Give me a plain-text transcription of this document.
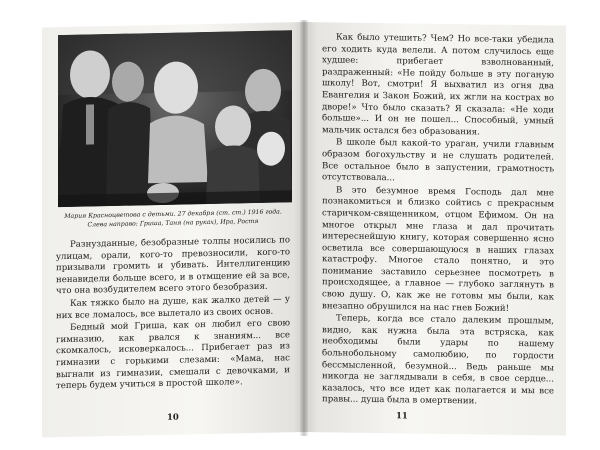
Мария Красноцветова с детьми. 27 декабря (ст. ст.) 1916 года. Слева направо: Гриша, Таня (на руках), Ира, Ростя

Разнузданные, безобразные толпы носились по улицам, орали, кого-то превозносили, кого-то призывали громить и убивать. Интеллигенцию ненавидели больше всего, и в отмщение ей за все, что она возбудителем всего этого безобразия.

Как тяжко было на душе, как жалко детей — у них все ломалось, все вылетало из своих основ.

Бедный мой Гриша, как он любил его свою гимназию, как рвался к знаниям... все скомкалось, исковеркалось... Прибегает раз из гимназии с горькими слезами: «Мама, нас выгнали из гимназии, смешали с девочками, и теперь будем учиться в простой школе».

10

Как было утешить? Чем? Но все-таки убедила его ходить куда велели. А потом случилось еще худшее: прибегает взволнованный, раздраженный: «Не пойду больше в эту поганую школу! Вот, смотри! Я выхватил из огня два Евангелия и Закон Божий, их жгли на кострах во дворе!» Что было сказать? Я сказала: «Не ходи больше»... И он не пошел... Способный, умный мальчик остался без образования.

В школе был какой-то ураган, учили главным образом богохульству и не слушать родителей. Все остальное было в запустении, грамотность отсутствовала...

В это безумное время Господь дал мне познакомиться и близко сойтись с прекрасным старичком-священником, отцом Ефимом. Он на многое открыл мне глаза и дал прочитать интереснейшую книгу, которая совершенно ясно осветила все совершающуюся в наших глазах катастрофу. Многое стало понятно, и это понимание заставило серьезнее посмотреть в происходящее, а главное — глубоко заглянуть в свою душу. О, как же не готовы мы были, как внезапно обрушился на нас гнев Божий!

Теперь, когда все стало далеким прошлым, видно, как нужна была эта встряска, как необходимы были удары по нашему больнобольному самолюбию, по гордости бессмысленной, безумной... Ведь раньше мы никогда не заглядывали в себя, в свое сердце... казалось, что все идет как полагается и мы все правы... душа была в омертвении.

11
